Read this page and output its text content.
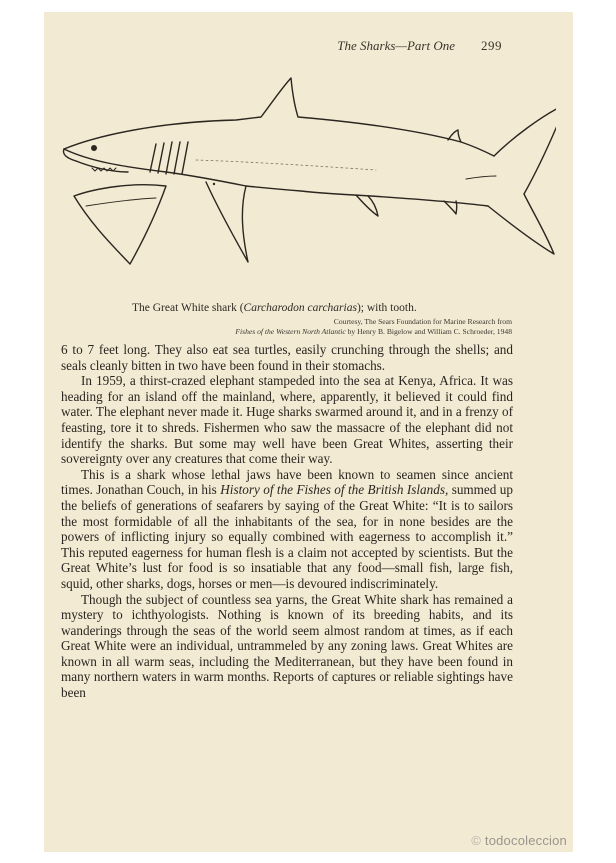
The Sharks—Part One 299
The Great White shark (Carcharodon carcharias); with tooth.
Courtesy, The Sears Foundation for Marine Research from
Fishes of the Western North Atlantic by Henry B. Bigelow and William C. Schroeder, 1948

6 to 7 feet long. They also eat sea turtles, easily crunching through the shells; and seals cleanly bitten in two have been found in their stomachs.

In 1959, a thirst-crazed elephant stampeded into the sea at Kenya, Africa. It was heading for an island off the mainland, where, apparently, it believed it could find water. The elephant never made it. Huge sharks swarmed around it, and in a frenzy of feasting, tore it to shreds. Fishermen who saw the massacre of the elephant did not identify the sharks. But some may well have been Great Whites, asserting their sovereignty over any creatures that come their way.

This is a shark whose lethal jaws have been known to seamen since ancient times. Jonathan Couch, in his History of the Fishes of the British Islands, summed up the beliefs of generations of seafarers by saying of the Great White: “It is to sailors the most formidable of all the inhabitants of the sea, for in none besides are the powers of inflicting injury so equally combined with eagerness to accomplish it.” This reputed eagerness for human flesh is a claim not accepted by scientists. But the Great White’s lust for food is so insatiable that any food—small fish, large fish, squid, other sharks, dogs, horses or men—is devoured indiscriminately.

Though the subject of countless sea yarns, the Great White shark has remained a mystery to ichthyologists. Nothing is known of its breeding habits, and its wanderings through the seas of the world seem almost random at times, as if each Great White were an individual, untrammeled by any zoning laws. Great Whites are known in all warm seas, including the Mediterranean, but they have been found in many northern waters in warm months. Reports of captures or reliable sightings have been

© todocoleccion
